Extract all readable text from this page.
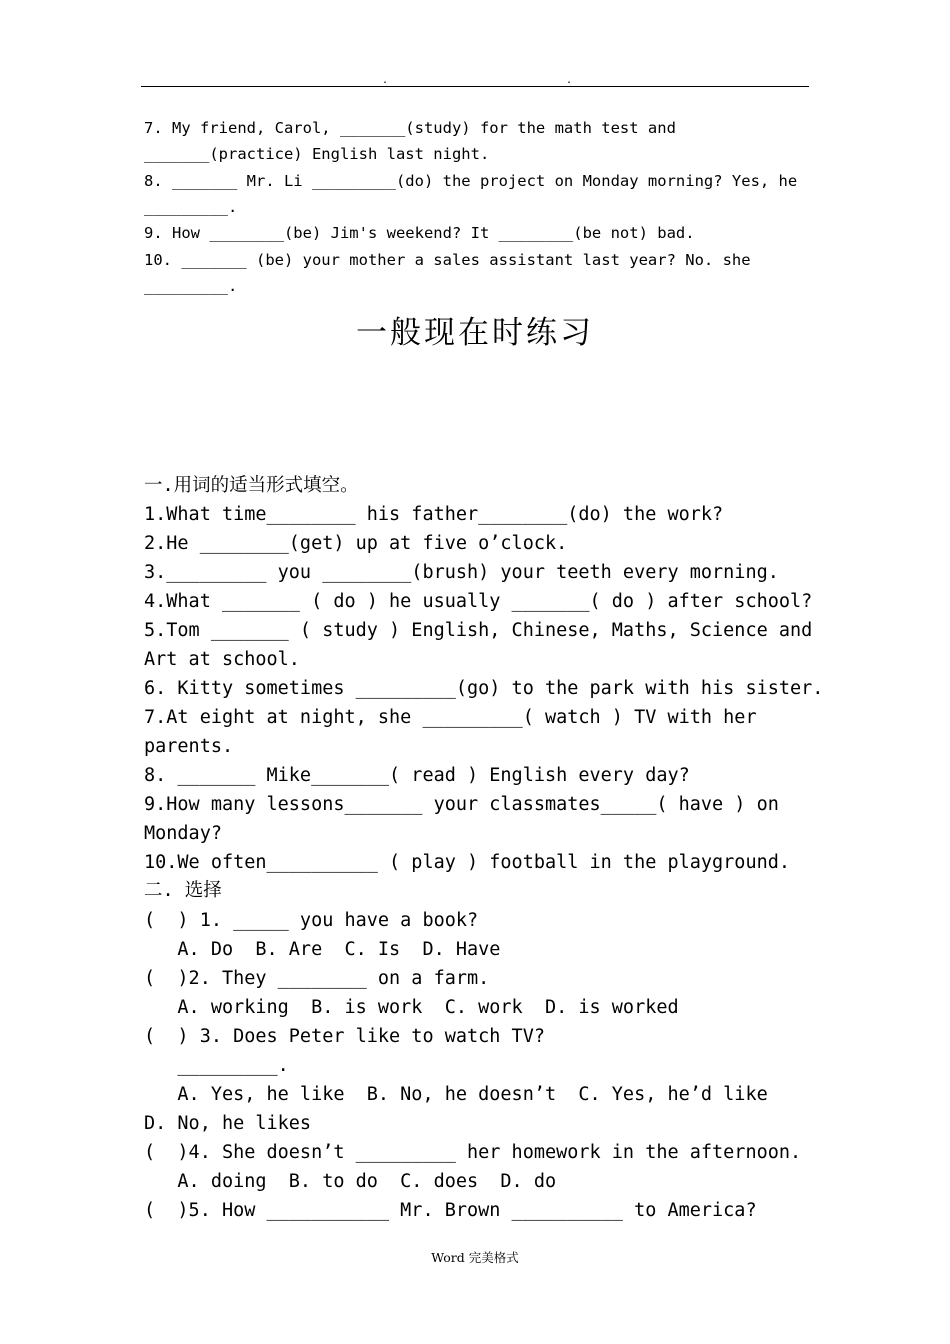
.	.
7. My friend, Carol, _______(study) for the math test and
_______(practice) English last night.
8. _______ Mr. Li _________(do) the project on Monday morning? Yes, he
_________.
9. How ________(be) Jim's weekend? It ________(be not) bad.
10. _______ (be) your mother a sales assistant last year? No. she
_________.
一般现在时练习
一.用词的适当形式填空。
1.What time________ his father________(do) the work?
2.He ________(get) up at five o’clock.
3._________ you ________(brush) your teeth every morning.
4.What _______ ( do ) he usually _______( do ) after school?
5.Tom _______ ( study ) English, Chinese, Maths, Science and
Art at school.
6. Kitty sometimes _________(go) to the park with his sister.
7.At eight at night, she _________( watch ) TV with her
parents.
8. _______ Mike_______( read ) English every day?
9.How many lessons_______ your classmates_____( have ) on
Monday?
10.We often__________ ( play ) football in the playground.
二. 选择
(  ) 1. _____ you have a book?
A. Do  B. Are  C. Is  D. Have
(  )2. They ________ on a farm.
A. working  B. is work  C. work  D. is worked
(  ) 3. Does Peter like to watch TV?
_________.
A. Yes, he like  B. No, he doesn’t  C. Yes, he’d like
D. No, he likes
(  )4. She doesn’t _________ her homework in the afternoon.
A. doing  B. to do  C. does  D. do
(  )5. How ___________ Mr. Brown __________ to America?
Word 完美格式
